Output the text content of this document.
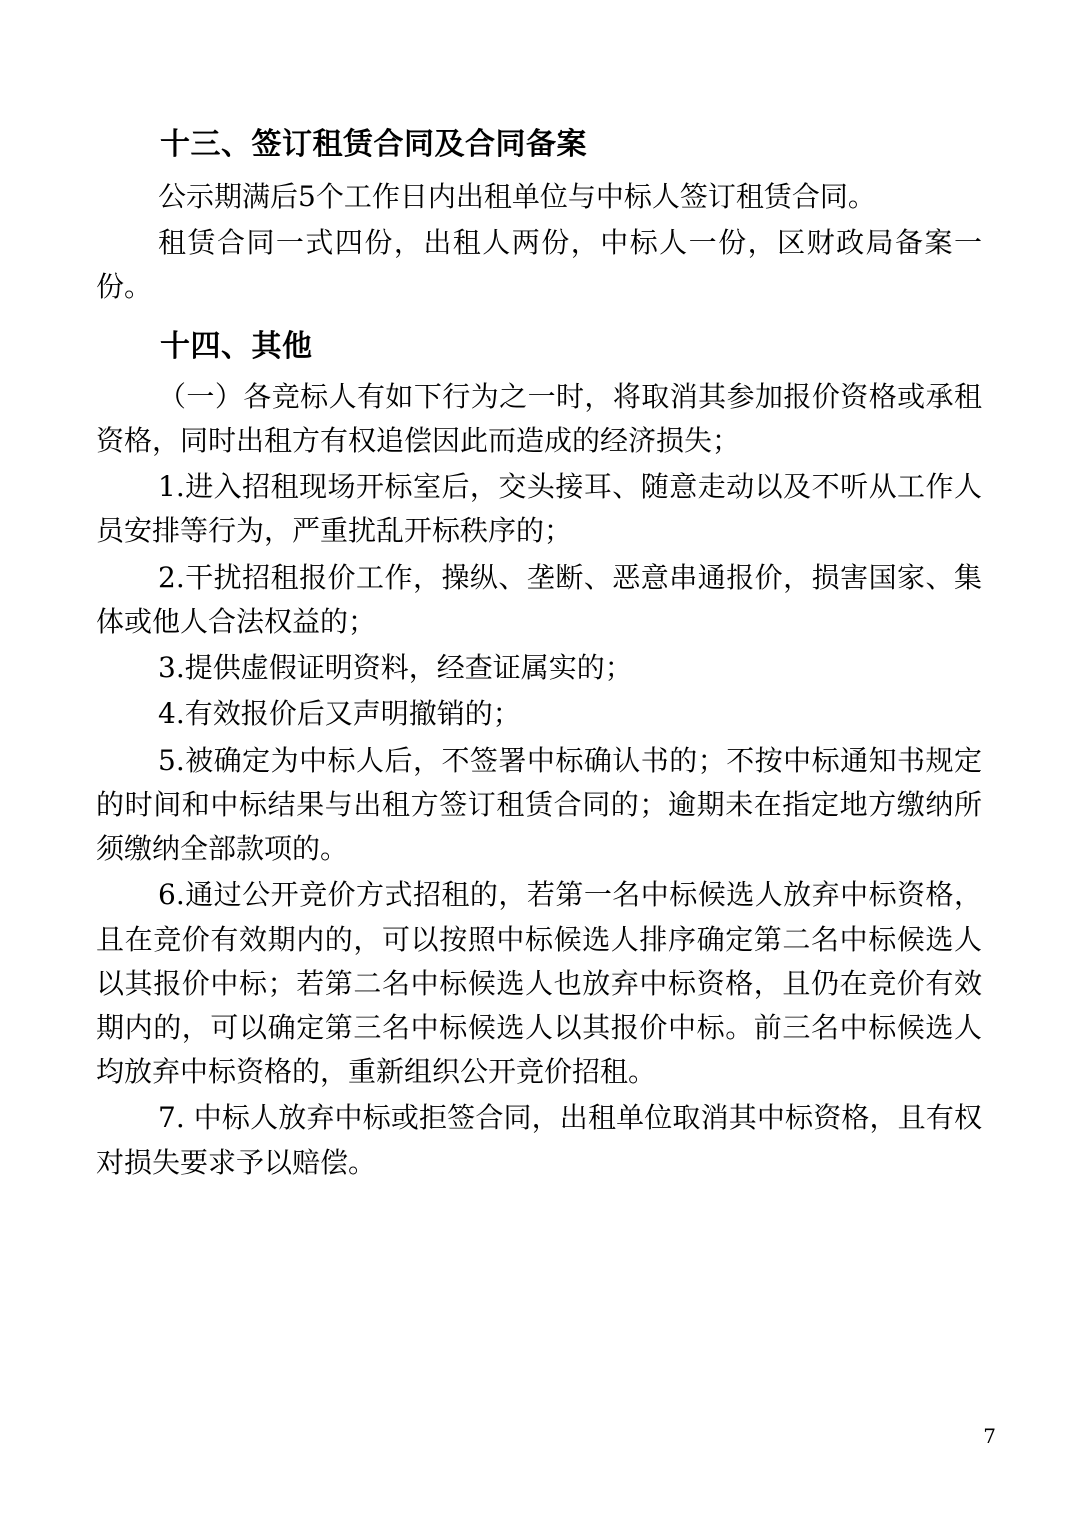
十三、签订租赁合同及合同备案

公示期满后5个工作日内出租单位与中标人签订租赁合同。

租赁合同一式四份，出租人两份，中标人一份，区财政局备案一份。

十四、其他

（一）各竞标人有如下行为之一时，将取消其参加报价资格或承租资格，同时出租方有权追偿因此而造成的经济损失；

1.进入招租现场开标室后，交头接耳、随意走动以及不听从工作人员安排等行为，严重扰乱开标秩序的；

2.干扰招租报价工作，操纵、垄断、恶意串通报价，损害国家、集体或他人合法权益的；

3.提供虚假证明资料，经查证属实的；

4.有效报价后又声明撤销的；

5.被确定为中标人后，不签署中标确认书的；不按中标通知书规定的时间和中标结果与出租方签订租赁合同的；逾期未在指定地方缴纳所须缴纳全部款项的。

6.通过公开竞价方式招租的，若第一名中标候选人放弃中标资格，且在竞价有效期内的，可以按照中标候选人排序确定第二名中标候选人以其报价中标；若第二名中标候选人也放弃中标资格，且仍在竞价有效期内的，可以确定第三名中标候选人以其报价中标。前三名中标候选人均放弃中标资格的，重新组织公开竞价招租。

7. 中标人放弃中标或拒签合同，出租单位取消其中标资格，且有权对损失要求予以赔偿。

7
